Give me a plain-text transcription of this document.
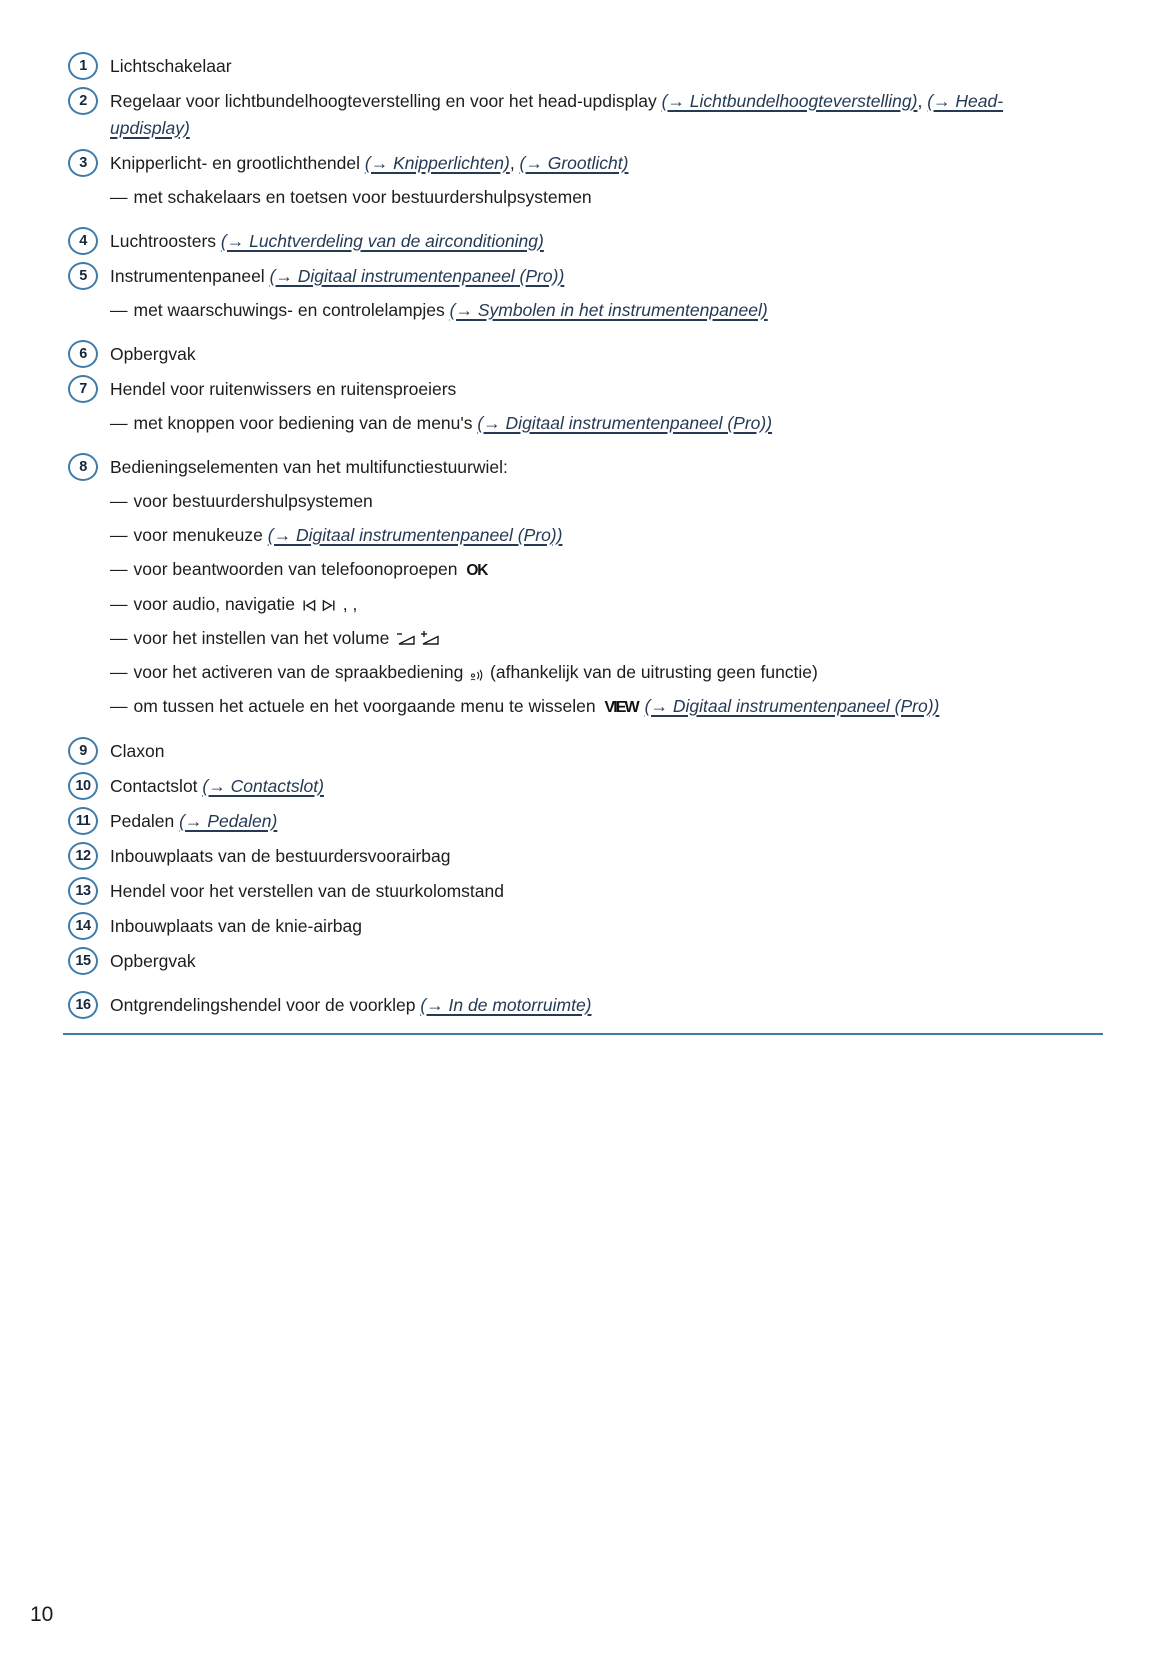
1	Lichtschakelaar
2	Regelaar voor lichtbundelhoogteverstelling en voor het head-updisplay (→ Lichtbundelhoogteverstelling), (→ Head-
updisplay)
3	Knipperlicht- en grootlichthendel (→ Knipperlichten), (→ Grootlicht)
— met schakelaars en toetsen voor bestuurdershulpsystemen
4	Luchtroosters (→ Luchtverdeling van de airconditioning)
5	Instrumentenpaneel (→ Digitaal instrumentenpaneel (Pro))
— met waarschuwings- en controlelampjes (→ Symbolen in het instrumentenpaneel)
6	Opbergvak
7	Hendel voor ruitenwissers en ruitensproeiers
— met knoppen voor bediening van de menu's (→ Digitaal instrumentenpaneel (Pro))
8	Bedieningselementen van het multifunctiestuurwiel:
— voor bestuurdershulpsystemen
— voor menukeuze (→ Digitaal instrumentenpaneel (Pro))
— voor beantwoorden van telefoonoproepen OK
— voor audio, navigatie  , ,
— voor het instellen van het volume
— voor het activeren van de spraakbediening  (afhankelijk van de uitrusting geen functie)
— om tussen het actuele en het voorgaande menu te wisselen VIEW (→ Digitaal instrumentenpaneel (Pro))
9	Claxon
10	Contactslot (→ Contactslot)
11	Pedalen (→ Pedalen)
12	Inbouwplaats van de bestuurdersvoorairbag
13	Hendel voor het verstellen van de stuurkolomstand
14	Inbouwplaats van de knie-airbag
15	Opbergvak
16	Ontgrendelingshendel voor de voorklep (→ In de motorruimte)
10
